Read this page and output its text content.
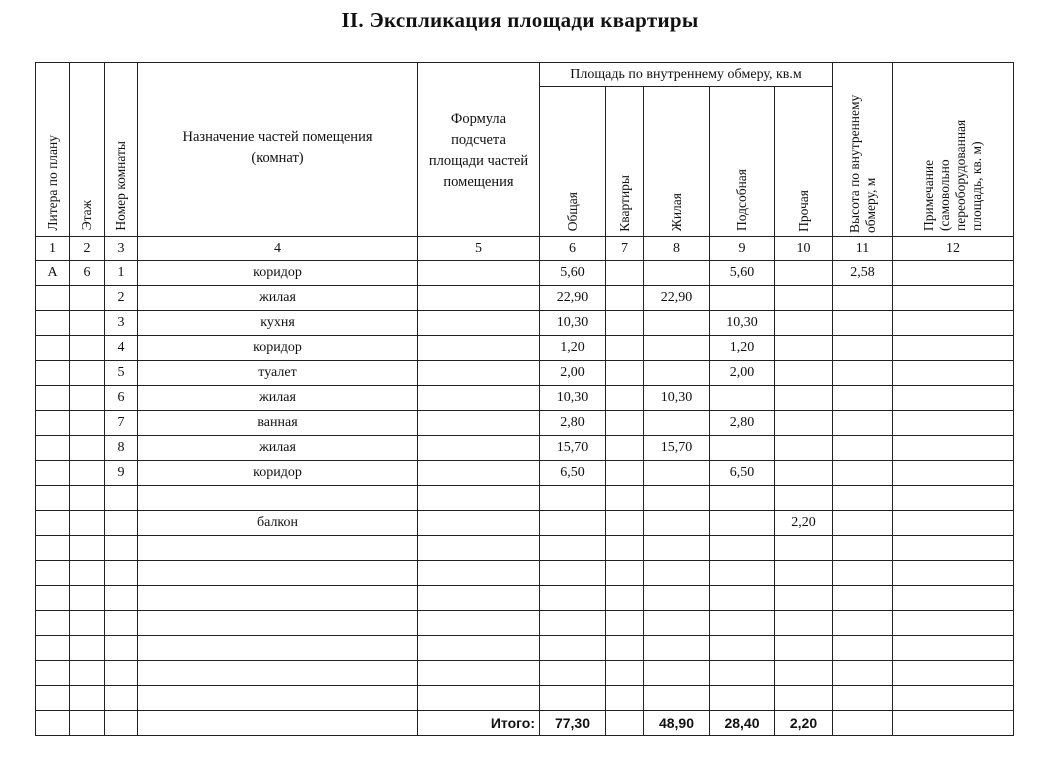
II. Экспликация площади квартиры
Литера по плану	Этаж	Номер комнаты	Назначение частей помещения (комнат)	Формула подсчета площади частей помещения	Площадь по внутреннему обмеру, кв.м					Высота по внутреннему обмеру, м	Примечание (самовольно переоборудованная площадь, кв. м)

					Общая	Квартиры	Жилая	Подсобная	Прочая		

1	2	3	4	5	6	7	8	9	10	11	12
А	6	1	коридор		5,60			5,60		2,58	
		2	жилая		22,90		22,90				
		3	кухня		10,30			10,30			
		4	коридор		1,20			1,20			
		5	туалет		2,00			2,00			
		6	жилая		10,30		10,30				
		7	ванная		2,80			2,80			
		8	жилая		15,70		15,70				
		9	коридор		6,50			6,50			

			балкон						2,20		

				Итого:	77,30		48,90	28,40	2,20		
